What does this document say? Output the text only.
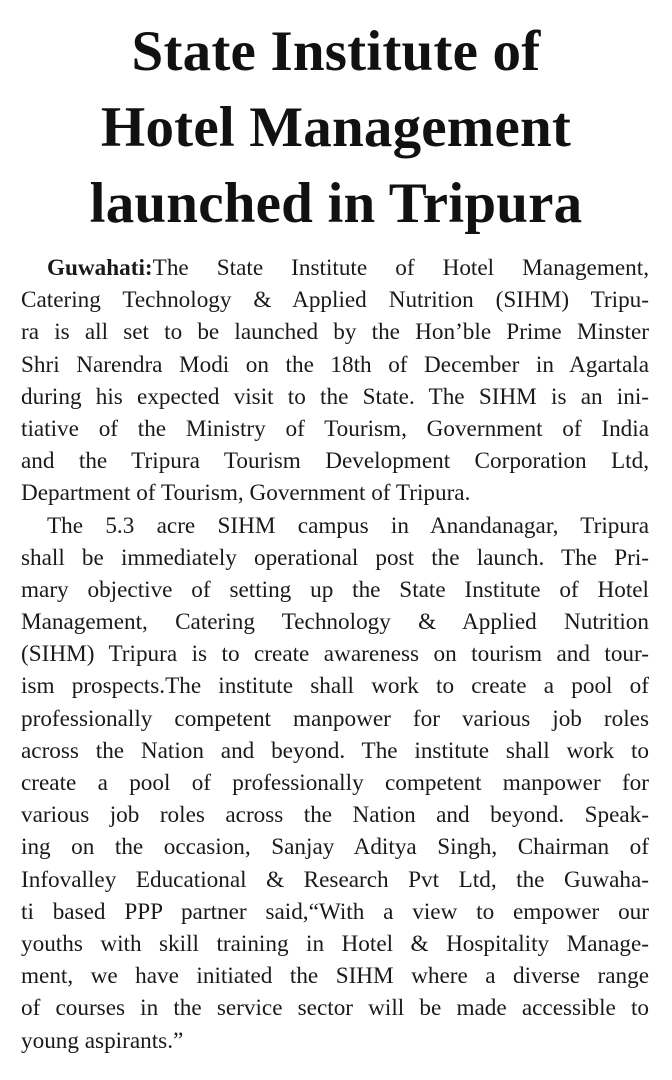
State Institute of
Hotel Management
launched in Tripura
Guwahati:The State Institute of Hotel Management,
Catering Technology & Applied Nutrition (SIHM) Tripu-
ra is all set to be launched by the Hon’ble Prime Minster
Shri Narendra Modi on the 18th of December in Agartala
during his expected visit to the State. The SIHM is an ini-
tiative of the Ministry of Tourism, Government of India
and the Tripura Tourism Development Corporation Ltd,
Department of Tourism, Government of Tripura.
The 5.3 acre SIHM campus in Anandanagar, Tripura
shall be immediately operational post the launch. The Pri-
mary objective of setting up the State Institute of Hotel
Management, Catering Technology & Applied Nutrition
(SIHM) Tripura is to create awareness on tourism and tour-
ism prospects.The institute shall work to create a pool of
professionally competent manpower for various job roles
across the Nation and beyond. The institute shall work to
create a pool of professionally competent manpower for
various job roles across the Nation and beyond. Speak-
ing on the occasion, Sanjay Aditya Singh, Chairman of
Infovalley Educational & Research Pvt Ltd, the Guwaha-
ti based PPP partner said,“With a view to empower our
youths with skill training in Hotel & Hospitality Manage-
ment, we have initiated the SIHM where a diverse range
of courses in the service sector will be made accessible to
young aspirants.”
